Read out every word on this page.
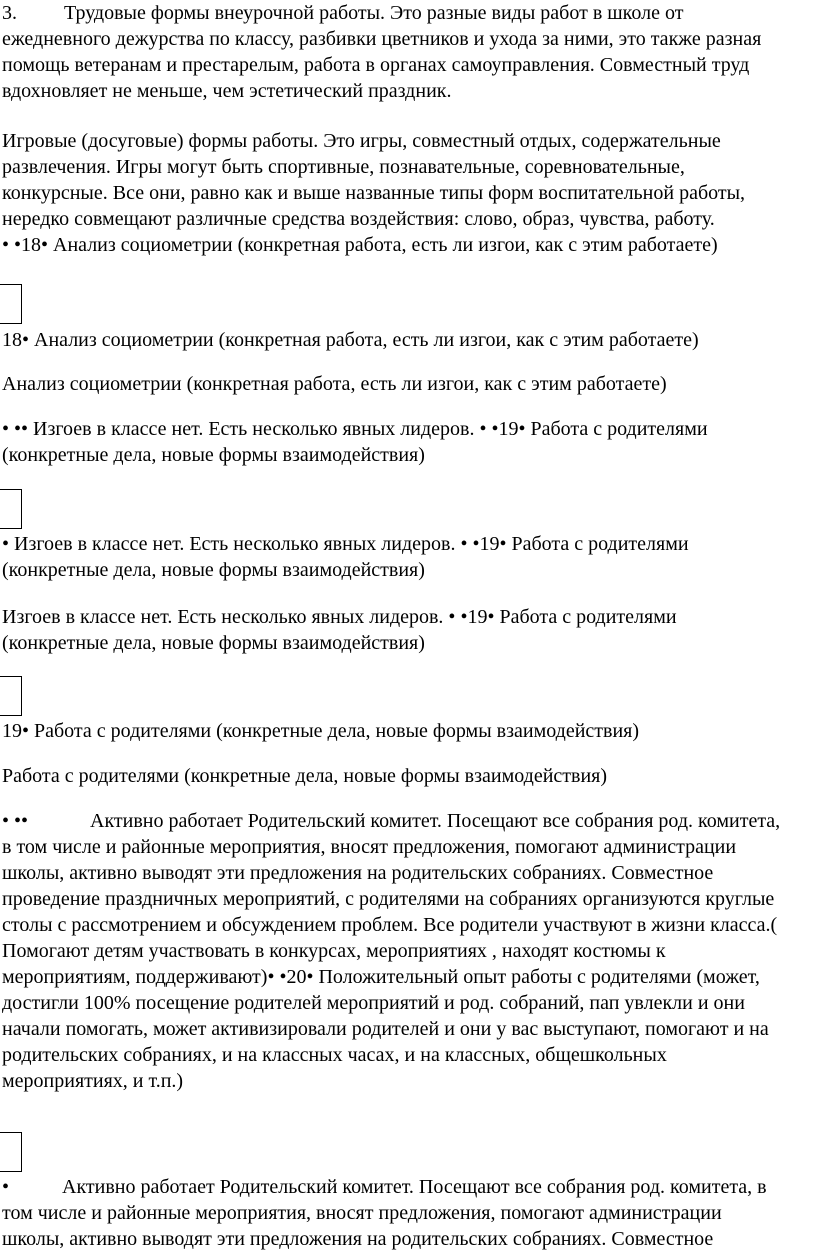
3. Трудовые формы внеурочной работы. Это разные виды работ в школе от
ежедневного дежурства по классу, разбивки цветников и ухода за ними, это также разная
помощь ветеранам и престарелым, работа в органах самоуправления. Совместный труд
вдохновляет не меньше, чем эстетический праздник.
Игровые (досуговые) формы работы. Это игры, совместный отдых, содержательные
развлечения. Игры могут быть спортивные, познавательные, соревновательные,
конкурсные. Все они, равно как и выше названные типы форм воспитательной работы,
нередко совмещают различные средства воздействия: слово, образ, чувства, работу.
• •18• Анализ социометрии (конкретная работа, есть ли изгои, как с этим работаете)
18• Анализ социометрии (конкретная работа, есть ли изгои, как с этим работаете)
Анализ социометрии (конкретная работа, есть ли изгои, как с этим работаете)
• •• Изгоев в классе нет. Есть несколько явных лидеров. • •19• Работа с родителями
(конкретные дела, новые формы взаимодействия)
• Изгоев в классе нет. Есть несколько явных лидеров. • •19• Работа с родителями
(конкретные дела, новые формы взаимодействия)
Изгоев в классе нет. Есть несколько явных лидеров. • •19• Работа с родителями
(конкретные дела, новые формы взаимодействия)
19• Работа с родителями (конкретные дела, новые формы взаимодействия)
Работа с родителями (конкретные дела, новые формы взаимодействия)
• ••	Активно работает Родительский комитет. Посещают все собрания род. комитета,
в том числе и районные мероприятия, вносят предложения, помогают администрации
школы, активно выводят эти предложения на родительских собраниях. Совместное
проведение праздничных мероприятий, с родителями на собраниях организуются круглые
столы с рассмотрением и обсуждением проблем. Все родители участвуют в жизни класса.(
Помогают детям участвовать в конкурсах, мероприятиях , находят костюмы к
мероприятиям, поддерживают)• •20• Положительный опыт работы с родителями (может,
достигли 100% посещение родителей мероприятий и род. собраний, пап увлекли и они
начали помогать, может активизировали родителей и они у вас выступают, помогают и на
родительских собраниях, и на классных часах, и на классных, общешкольных
мероприятиях, и т.п.)
•	Активно работает Родительский комитет. Посещают все собрания род. комитета, в
том числе и районные мероприятия, вносят предложения, помогают администрации
школы, активно выводят эти предложения на родительских собраниях. Совместное
